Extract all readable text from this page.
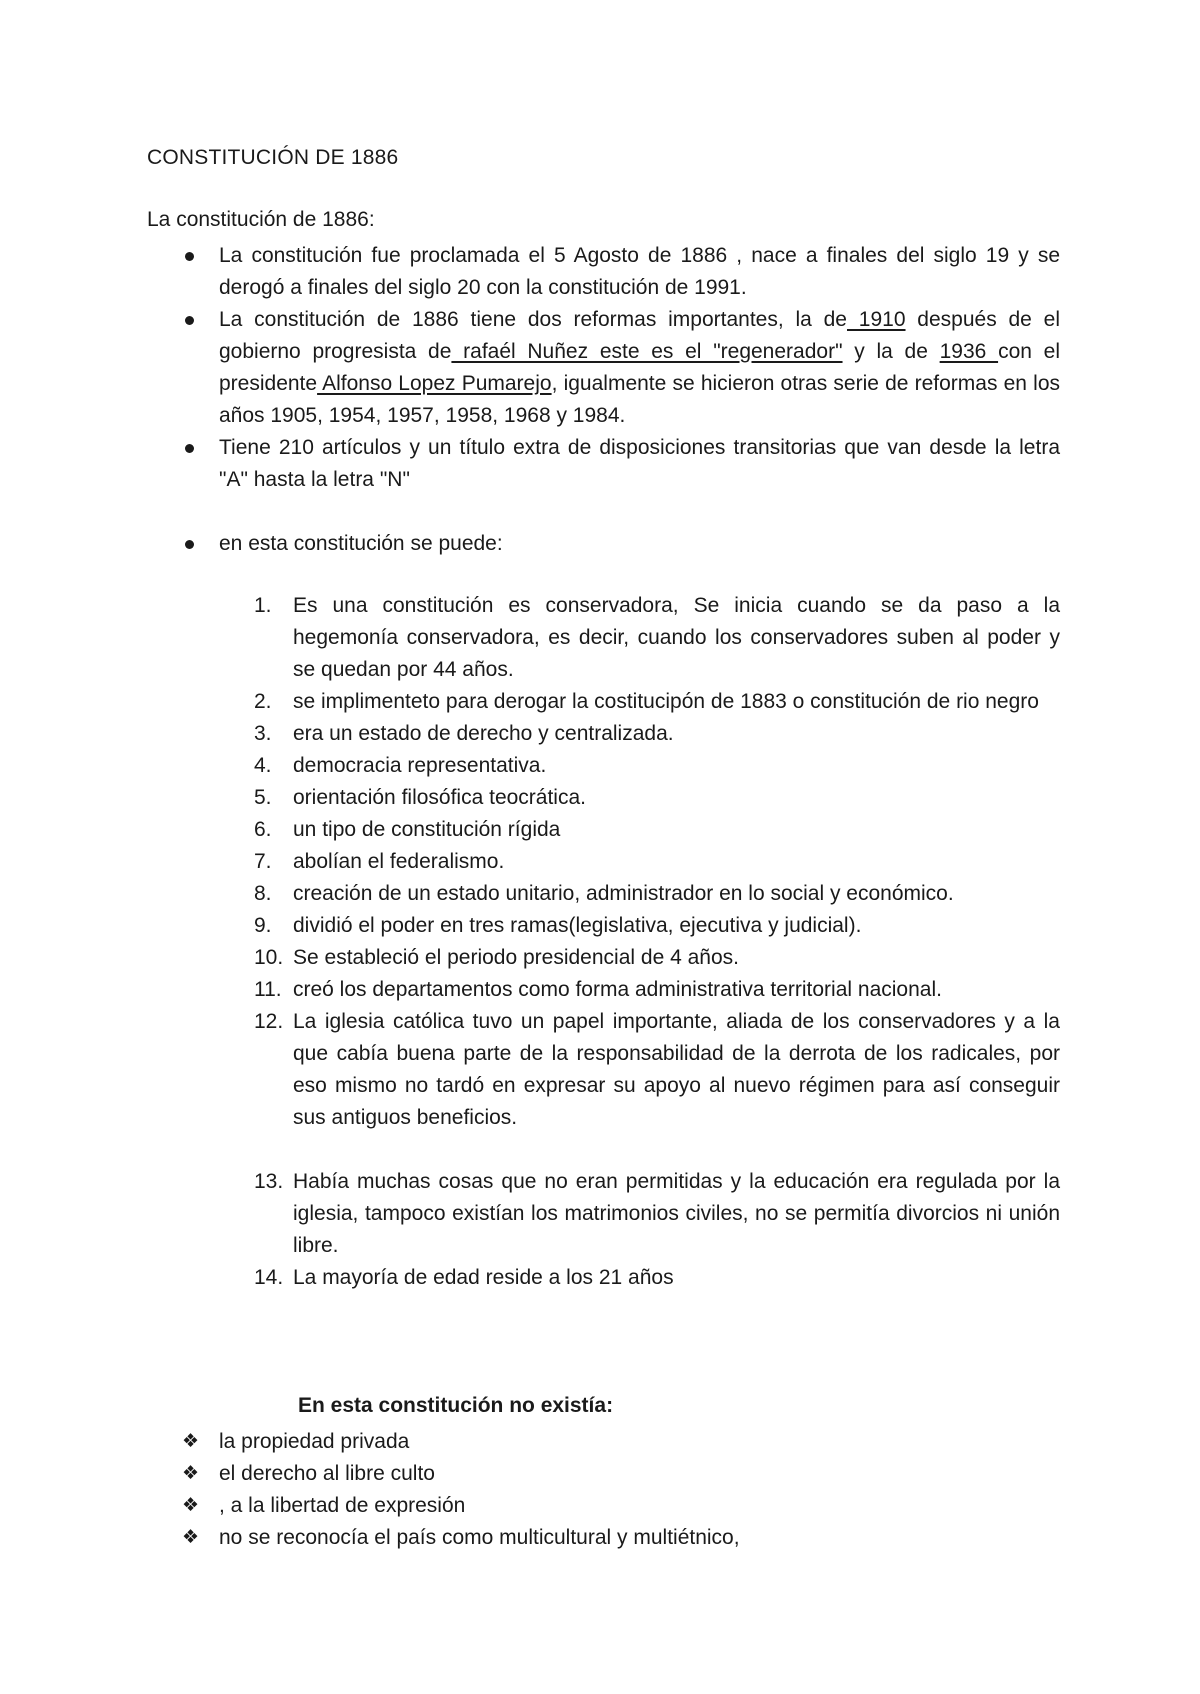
CONSTITUCIÓN DE 1886
La constitución de 1886:
La constitución fue proclamada el 5 Agosto de 1886 , nace a finales del siglo 19 y se derogó a finales del siglo 20 con la constitución de 1991.
La constitución de 1886 tiene dos reformas importantes, la de 1910 después de el gobierno progresista de rafaél Nuñez este es el "regenerador" y la de 1936 con el presidente Alfonso Lopez Pumarejo, igualmente se hicieron otras serie de reformas en los años 1905, 1954, 1957, 1958, 1968 y 1984.
Tiene 210 artículos y un título extra de disposiciones transitorias que van desde la letra "A" hasta la letra "N"
en esta constitución se puede:
1. Es una constitución es conservadora, Se inicia cuando se da paso a la hegemonía conservadora, es decir, cuando los conservadores suben al poder y se quedan por 44 años.
2. se implimenteto para derogar la costitucipón de 1883 o constitución de rio negro
3. era un estado de derecho y centralizada.
4. democracia representativa.
5. orientación filosófica teocrática.
6. un tipo de constitución rígida
7. abolían el federalismo.
8. creación de un estado unitario, administrador en lo social y económico.
9. dividió el poder en tres ramas(legislativa, ejecutiva y judicial).
10. Se estableció el periodo presidencial de 4 años.
11. creó los departamentos como forma administrativa territorial nacional.
12. La iglesia católica tuvo un papel importante, aliada de los conservadores y a la que cabía buena parte de la responsabilidad de la derrota de los radicales, por eso mismo no tardó en expresar su apoyo al nuevo régimen para así conseguir sus antiguos beneficios.
13. Había muchas cosas que no eran permitidas y la educación era regulada por la iglesia, tampoco existían los matrimonios civiles, no se permitía divorcios ni unión libre.
14. La mayoría de edad reside a los 21 años
En esta constitución no existía:
❖ la propiedad privada
❖ el derecho al libre culto
❖ , a la libertad de expresión
❖ no se reconocía el país como multicultural y multiétnico,
